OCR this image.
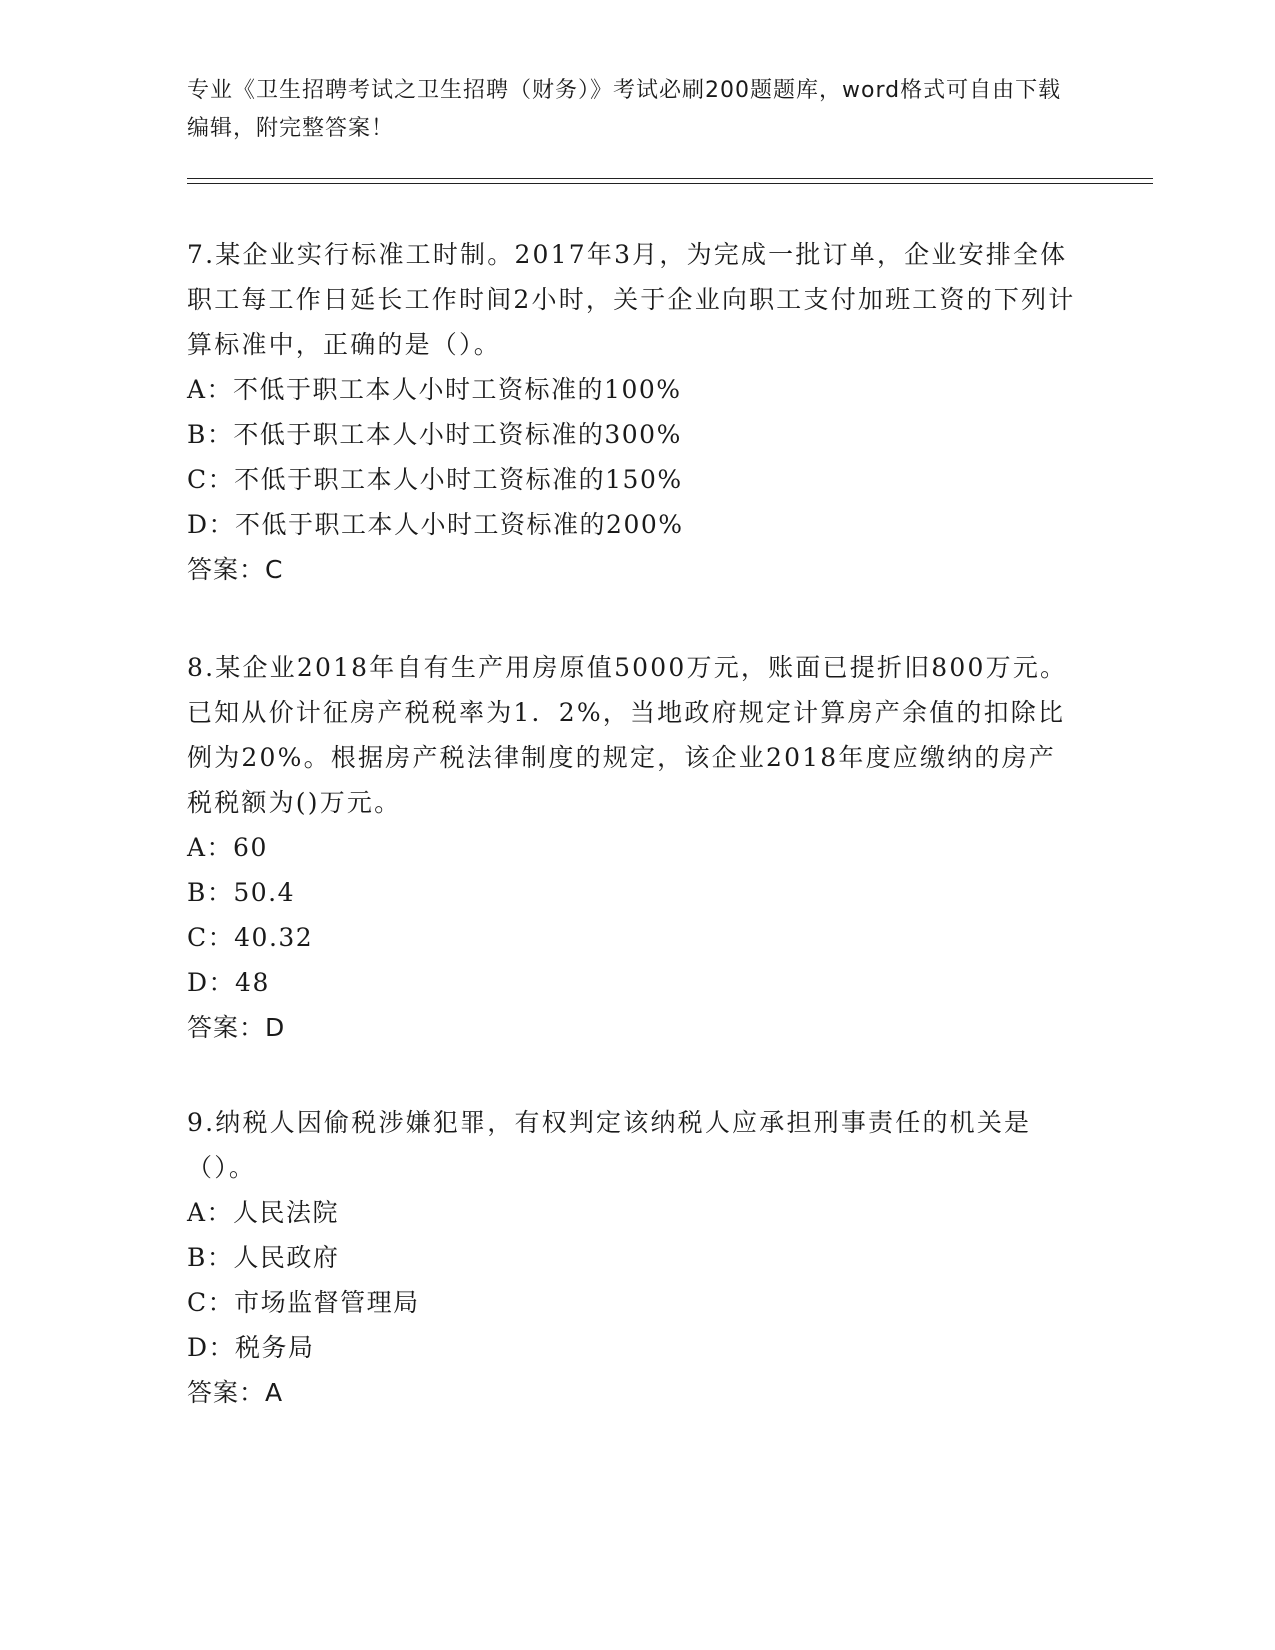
专业《卫生招聘考试之卫生招聘（财务）》考试必刷200题题库，word格式可自由下载编辑，附完整答案！

7.某企业实行标准工时制。2017年3月，为完成一批订单，企业安排全体职工每工作日延长工作时间2小时，关于企业向职工支付加班工资的下列计算标准中，正确的是（）。

A：不低于职工本人小时工资标准的100%
B：不低于职工本人小时工资标准的300%
C：不低于职工本人小时工资标准的150%
D：不低于职工本人小时工资标准的200%
答案：C

8.某企业2018年自有生产用房原值5000万元，账面已提折旧800万元。已知从价计征房产税税率为1．2%，当地政府规定计算房产余值的扣除比例为20%。根据房产税法律制度的规定，该企业2018年度应缴纳的房产税税额为()万元。

A：60
B：50.4
C：40.32
D：48
答案：D

9.纳税人因偷税涉嫌犯罪，有权判定该纳税人应承担刑事责任的机关是（）。

A：人民法院
B：人民政府
C：市场监督管理局
D：税务局
答案：A
